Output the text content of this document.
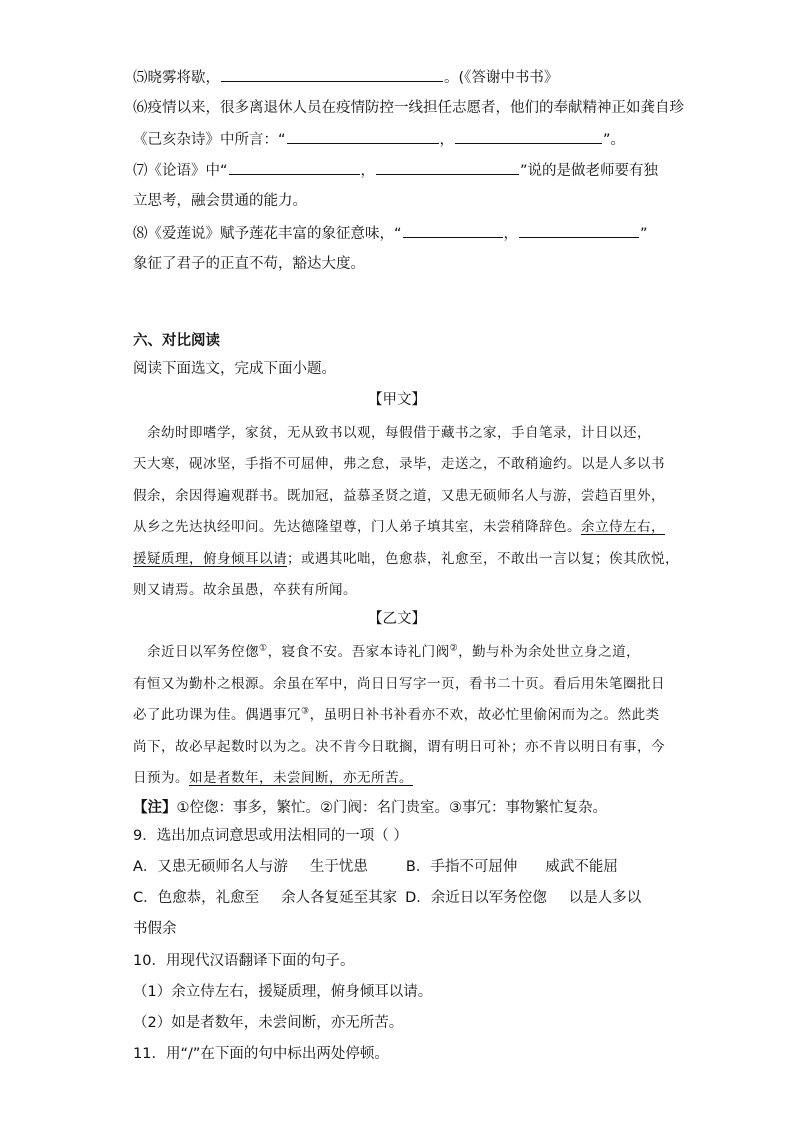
⑸晓雾将歇，	。(《答谢中书书》
⑹疫情以来，很多离退休人员在疫情防控一线担任志愿者，他们的奉献精神正如龚自珍
《己亥杂诗》中所言：“	，	”。
⑺《论语》中“	，	”说的是做老师要有独
立思考，融会贯通的能力。
⑻《爱莲说》赋予莲花丰富的象征意味，“	，	”
象征了君子的正直不苟，豁达大度。
六、对比阅读
阅读下面选文，完成下面小题。
【甲文】
余幼时即嗜学，家贫，无从致书以观，每假借于藏书之家，手自笔录，计日以还，
天大寒，砚冰坚，手指不可屈伸，弗之怠，录毕，走送之，不敢稍逾约。以是人多以书
假余，余因得遍观群书。既加冠，益慕圣贤之道，又患无硕师名人与游，尝趋百里外，
从乡之先达执经叩问。先达德隆望尊，门人弟子填其室，未尝稍降辞色。余立侍左右，
援疑质理，俯身倾耳以请；或遇其叱咄，色愈恭，礼愈至，不敢出一言以复；俟其欣悦，
则又请焉。故余虽愚，卒获有所闻。
【乙文】
余近日以军务倥偬①，寝食不安。吾家本诗礼门阀②，勤与朴为余处世立身之道，
有恒又为勤朴之根源。余虽在军中，尚日日写字一页，看书二十页。看后用朱笔圈批日
必了此功课为佳。偶遇事冗③，虽明日补书补看亦不欢，故必忙里偷闲而为之。然此类
尚下，故必早起数时以为之。决不肯今日耽搁，谓有明日可补；亦不肯以明日有事，今
日预为。如是者数年，未尝间断，亦无所苦。
【注】①倥偬：事多，繁忙。②门阀：名门贵室。③事冗：事物繁忙复杂。
9．选出加点词意思或用法相同的一项（ ）
A．又患无硕师名人与游 生于忧患	B．手指不可屈伸 威武不能屈
C．色愈恭，礼愈至 余人各复延至其家 D．余近日以军务倥偬 以是人多以
书假余
10．用现代汉语翻译下面的句子。
（1）余立侍左右，援疑质理，俯身倾耳以请。
（2）如是者数年，未尝间断，亦无所苦。
11．用“/”在下面的句中标出两处停顿。
